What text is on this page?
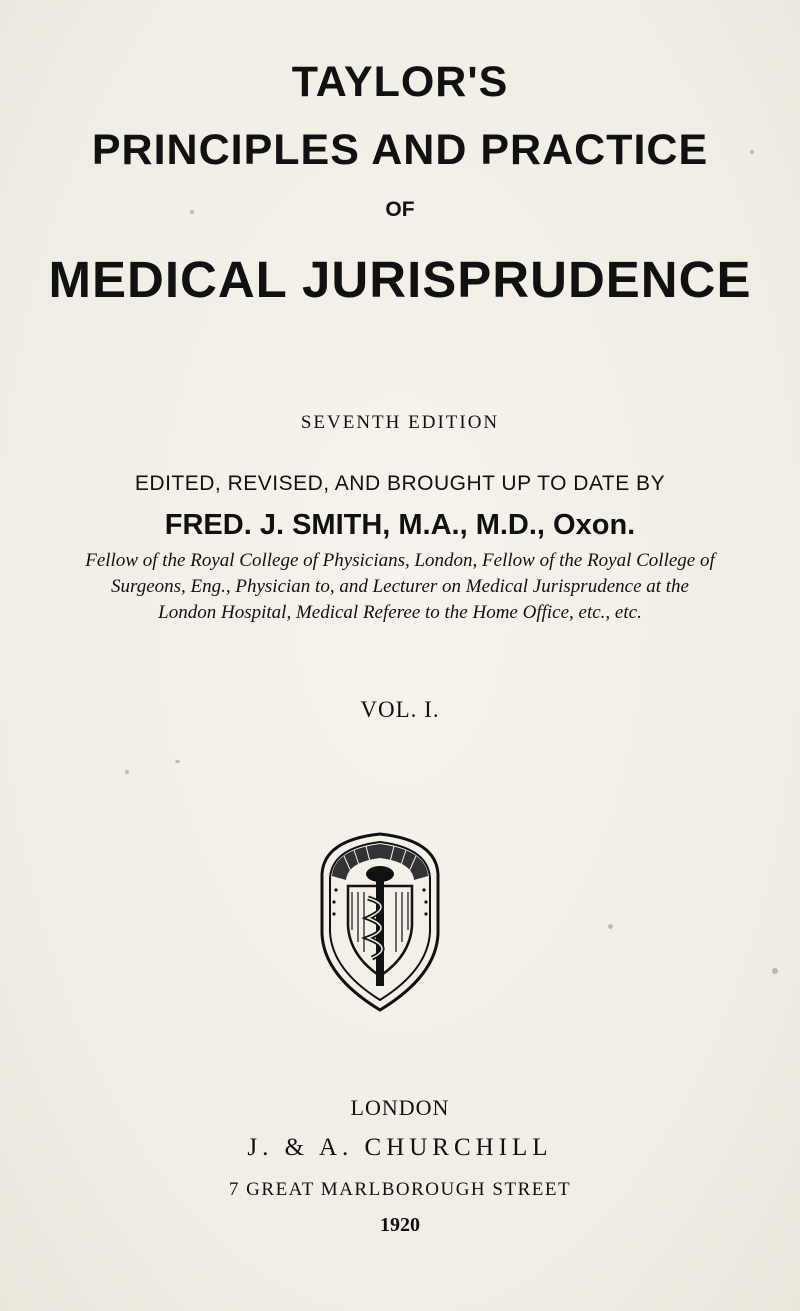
TAYLOR'S
PRINCIPLES AND PRACTICE
OF
MEDICAL JURISPRUDENCE
SEVENTH EDITION
EDITED, REVISED, AND BROUGHT UP TO DATE BY
FRED. J. SMITH, M.A., M.D., Oxon.
Fellow of the Royal College of Physicians, London, Fellow of the Royal College of
Surgeons, Eng., Physician to, and Lecturer on Medical Jurisprudence at the
London Hospital, Medical Referee to the Home Office, etc., etc.
VOL. I.
LONDON
J. & A. CHURCHILL
7 GREAT MARLBOROUGH STREET
1920
